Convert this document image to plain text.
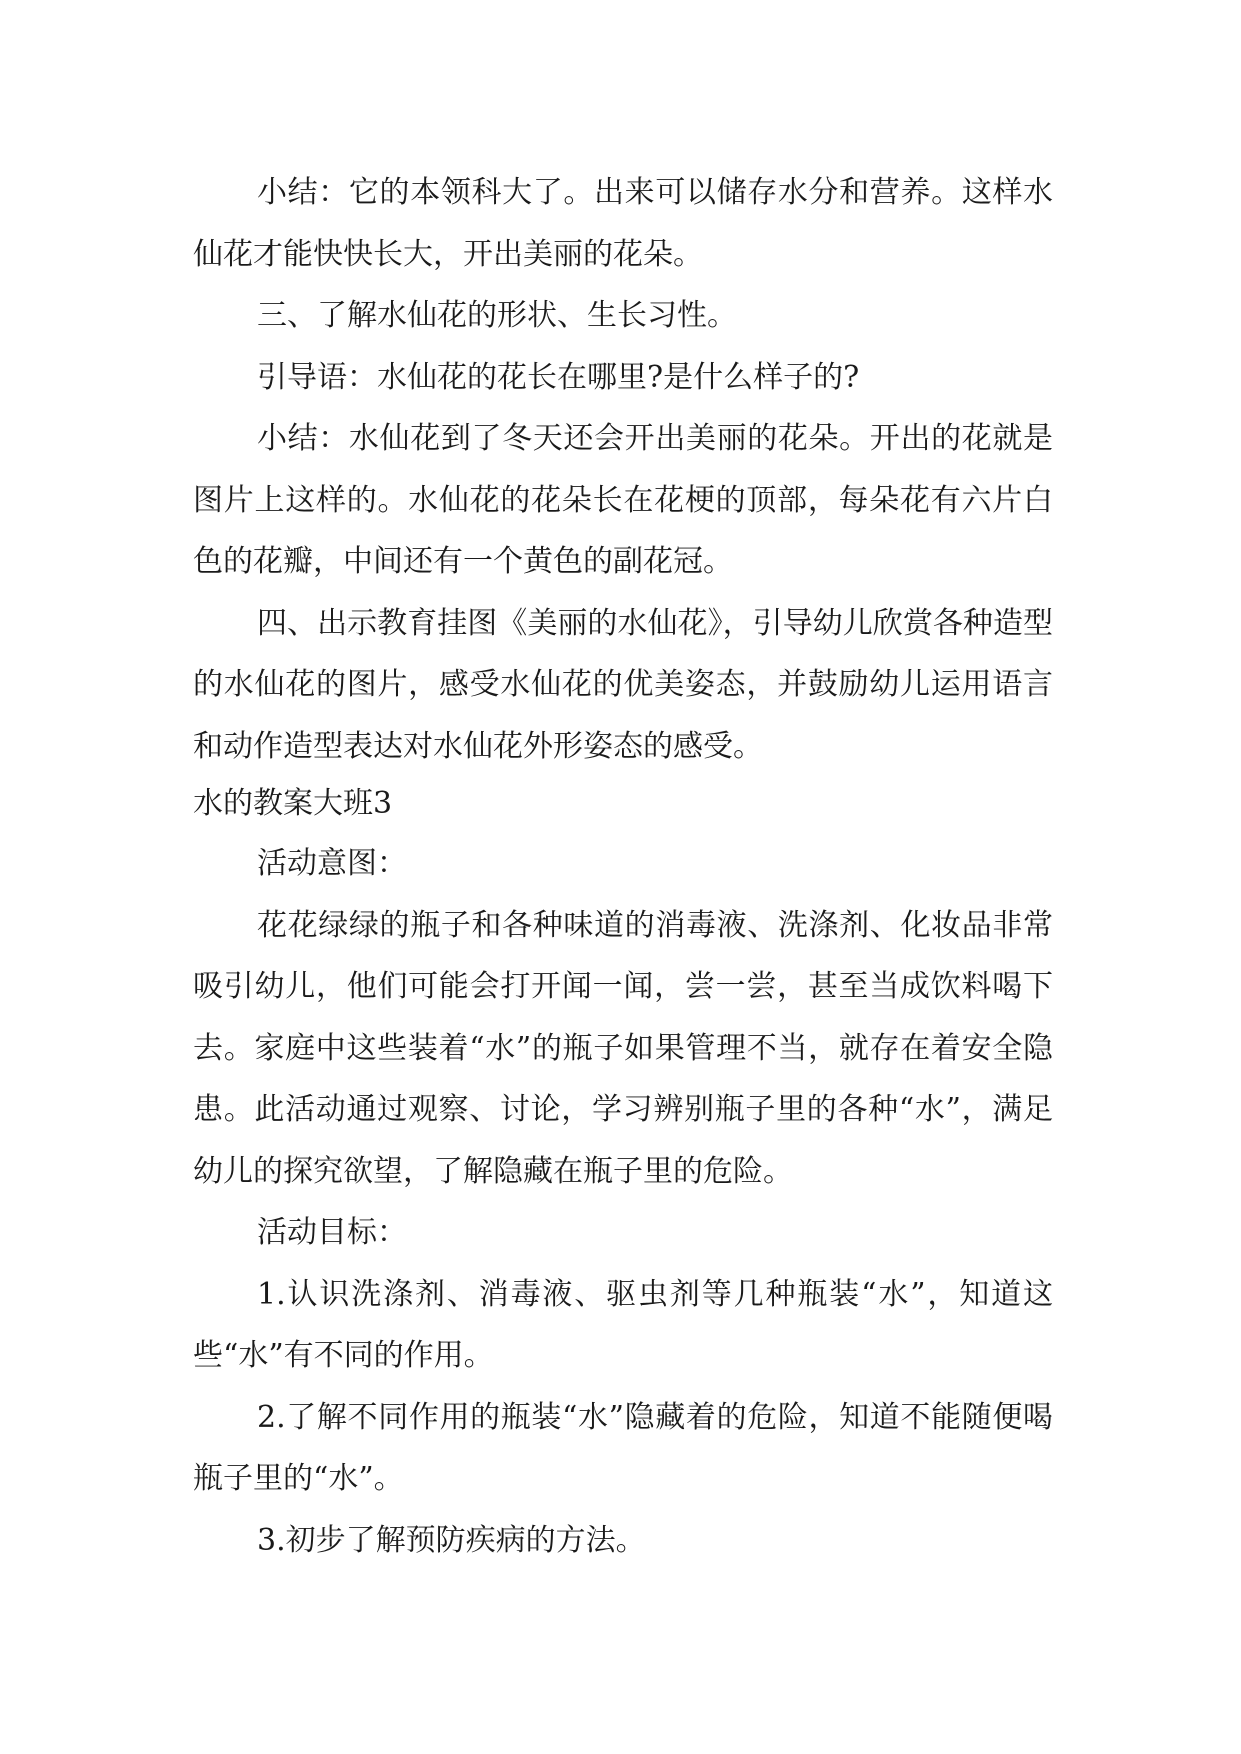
小结：它的本领科大了。出来可以储存水分和营养。这样水仙花才能快快长大，开出美丽的花朵。

三、了解水仙花的形状、生长习性。

引导语：水仙花的花长在哪里?是什么样子的?

小结：水仙花到了冬天还会开出美丽的花朵。开出的花就是图片上这样的。水仙花的花朵长在花梗的顶部，每朵花有六片白色的花瓣，中间还有一个黄色的副花冠。

四、出示教育挂图《美丽的水仙花》，引导幼儿欣赏各种造型的水仙花的图片，感受水仙花的优美姿态，并鼓励幼儿运用语言和动作造型表达对水仙花外形姿态的感受。

水的教案大班3

活动意图：

花花绿绿的瓶子和各种味道的消毒液、洗涤剂、化妆品非常吸引幼儿，他们可能会打开闻一闻，尝一尝，甚至当成饮料喝下去。家庭中这些装着“水”的瓶子如果管理不当，就存在着安全隐患。此活动通过观察、讨论，学习辨别瓶子里的各种“水”，满足幼儿的探究欲望，了解隐藏在瓶子里的危险。

活动目标：

1.认识洗涤剂、消毒液、驱虫剂等几种瓶装“水”，知道这些“水”有不同的作用。

2.了解不同作用的瓶装“水”隐藏着的危险，知道不能随便喝瓶子里的“水”。

3.初步了解预防疾病的方法。
